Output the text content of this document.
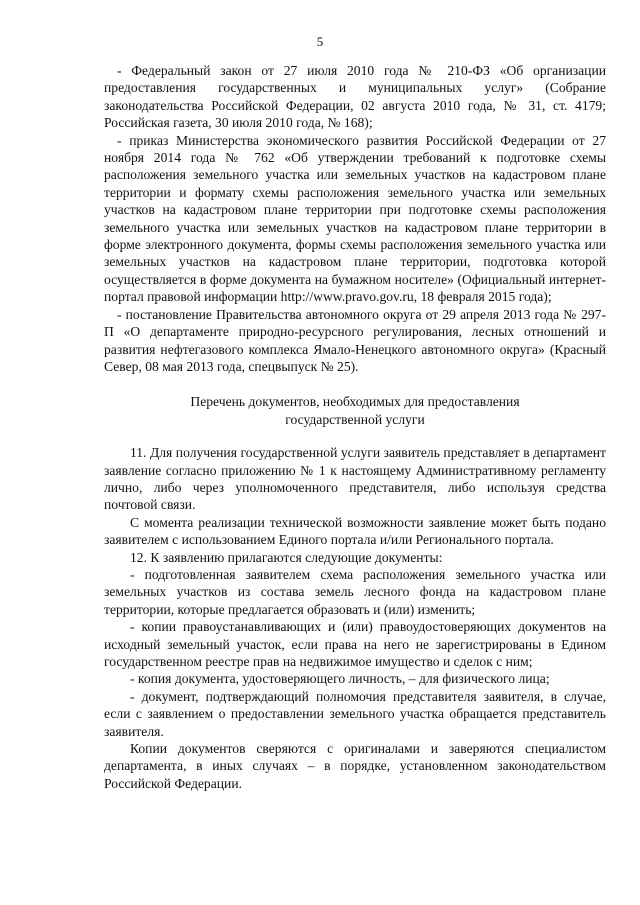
5

- Федеральный закон от 27 июля 2010 года № 210-ФЗ «Об организации предоставления государственных и муниципальных услуг» (Собрание законодательства Российской Федерации, 02 августа 2010 года, № 31, ст. 4179; Российская газета, 30 июля 2010 года, № 168);

- приказ Министерства экономического развития Российской Федерации от 27 ноября 2014 года № 762 «Об утверждении требований к подготовке схемы расположения земельного участка или земельных участков на кадастровом плане территории и формату схемы расположения земельного участка или земельных участков на кадастровом плане территории при подготовке схемы расположения земельного участка или земельных участков на кадастровом плане территории в форме электронного документа, формы схемы расположения земельного участка или земельных участков на кадастровом плане территории, подготовка которой осуществляется в форме документа на бумажном носителе» (Официальный интернет-портал правовой информации http://www.pravo.gov.ru, 18 февраля 2015 года);

- постановление Правительства автономного округа от 29 апреля 2013 года № 297-П «О департаменте природно-ресурсного регулирования, лесных отношений и развития нефтегазового комплекса Ямало-Ненецкого автономного округа» (Красный Север, 08 мая 2013 года, спецвыпуск № 25).

Перечень документов, необходимых для предоставления
государственной услуги

11. Для получения государственной услуги заявитель представляет в департамент заявление согласно приложению № 1 к настоящему Административному регламенту лично, либо через уполномоченного представителя, либо используя средства почтовой связи.

С момента реализации технической возможности заявление может быть подано заявителем с использованием Единого портала и/или Регионального портала.

12. К заявлению прилагаются следующие документы:

- подготовленная заявителем схема расположения земельного участка или земельных участков из состава земель лесного фонда на кадастровом плане территории, которые предлагается образовать и (или) изменить;

- копии правоустанавливающих и (или) правоудостоверяющих документов на исходный земельный участок, если права на него не зарегистрированы в Едином государственном реестре прав на недвижимое имущество и сделок с ним;

- копия документа, удостоверяющего личность, – для физического лица;

- документ, подтверждающий полномочия представителя заявителя, в случае, если с заявлением о предоставлении земельного участка обращается представитель заявителя.

Копии документов сверяются с оригиналами и заверяются специалистом департамента, в иных случаях – в порядке, установленном законодательством Российской Федерации.
